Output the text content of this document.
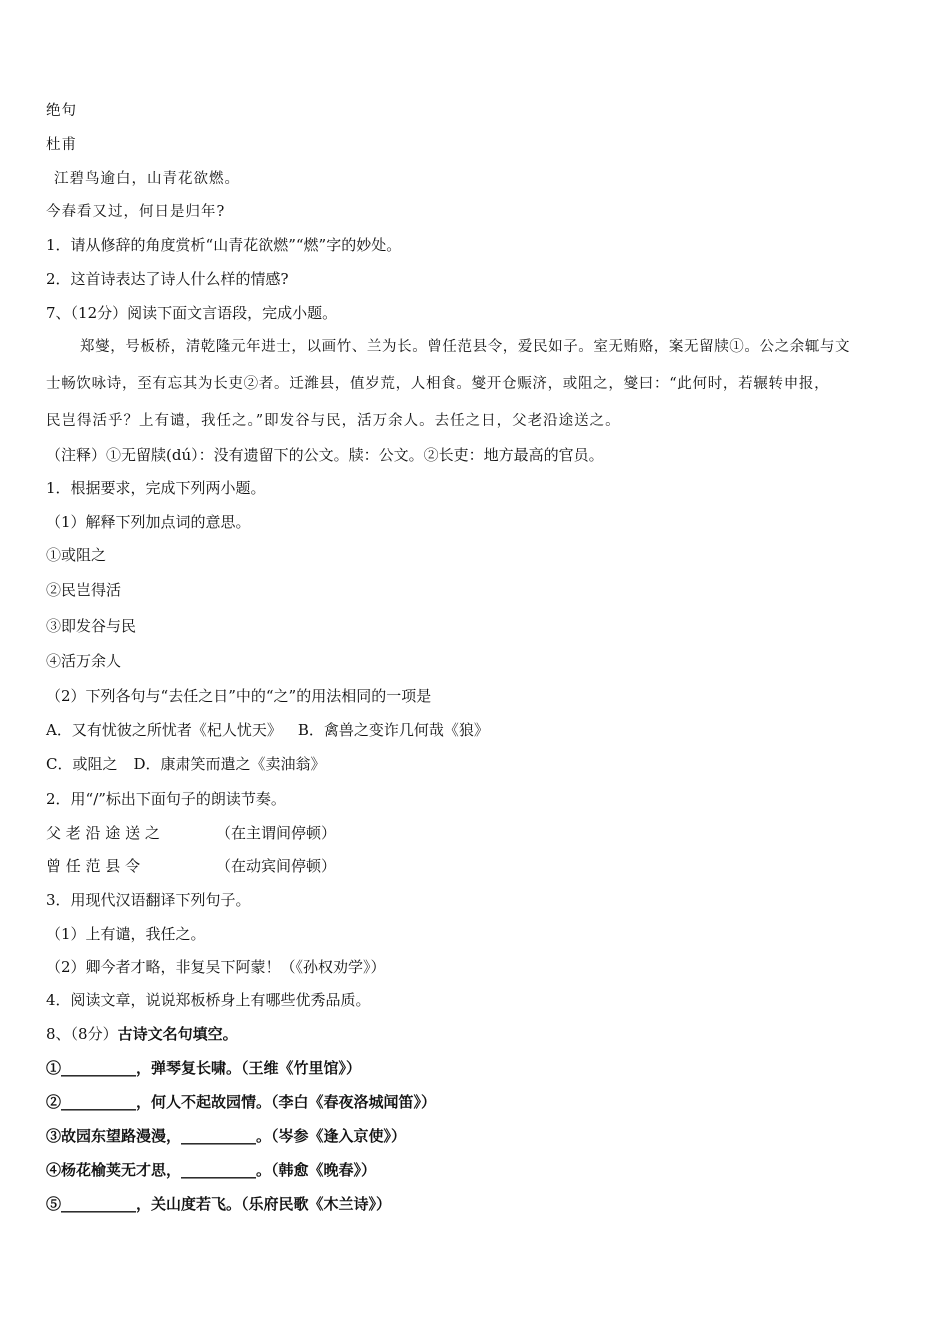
绝句
杜甫
江碧鸟逾白，山青花欲燃。
今春看又过，何日是归年?
1．请从修辞的角度赏析“山青花欲燃”“燃”字的妙处。
2．这首诗表达了诗人什么样的情感?
7、（12分）阅读下面文言语段，完成小题。
郑燮，号板桥，清乾隆元年进士，以画竹、兰为长。曾任范县令，爱民如子。室无贿赂，案无留牍①。公之余辄与文
士畅饮咏诗，至有忘其为长吏②者。迁潍县，值岁荒，人相食。燮开仓赈济，或阻之，燮曰：“此何时，若辗转申报，
民岂得活乎？上有谴，我任之。”即发谷与民，活万余人。去任之日，父老沿途送之。
（注释）①无留牍(dú）：没有遗留下的公文。牍：公文。②长吏：地方最高的官员。
1．根据要求，完成下列两小题。
（1）解释下列加点词的意思。
①或阻之
②民岂得活
③即发谷与民
④活万余人
（2）下列各句与“去任之日”中的“之”的用法相同的一项是
A．又有忧彼之所忧者《杞人忧天》 B．禽兽之变诈几何哉《狼》
C．或阻之 D．康肃笑而遣之《卖油翁》
2．用“/”标出下面句子的朗读节奏。
父 老 沿 途 送 之	（在主谓间停顿）
曾 任 范 县 令	（在动宾间停顿）
3．用现代汉语翻译下列句子。
（1）上有谴，我任之。
（2）卿今者才略，非复吴下阿蒙！（《孙权劝学》）
4．阅读文章，说说郑板桥身上有哪些优秀品质。
8、（8分）古诗文名句填空。
①__________，弹琴复长啸。（王维《竹里馆》）
②__________，何人不起故园情。（李白《春夜洛城闻笛》）
③故园东望路漫漫，__________。（岑参《逢入京使》）
④杨花榆荚无才思，__________。（韩愈《晚春》）
⑤__________，关山度若飞。（乐府民歌《木兰诗》）
